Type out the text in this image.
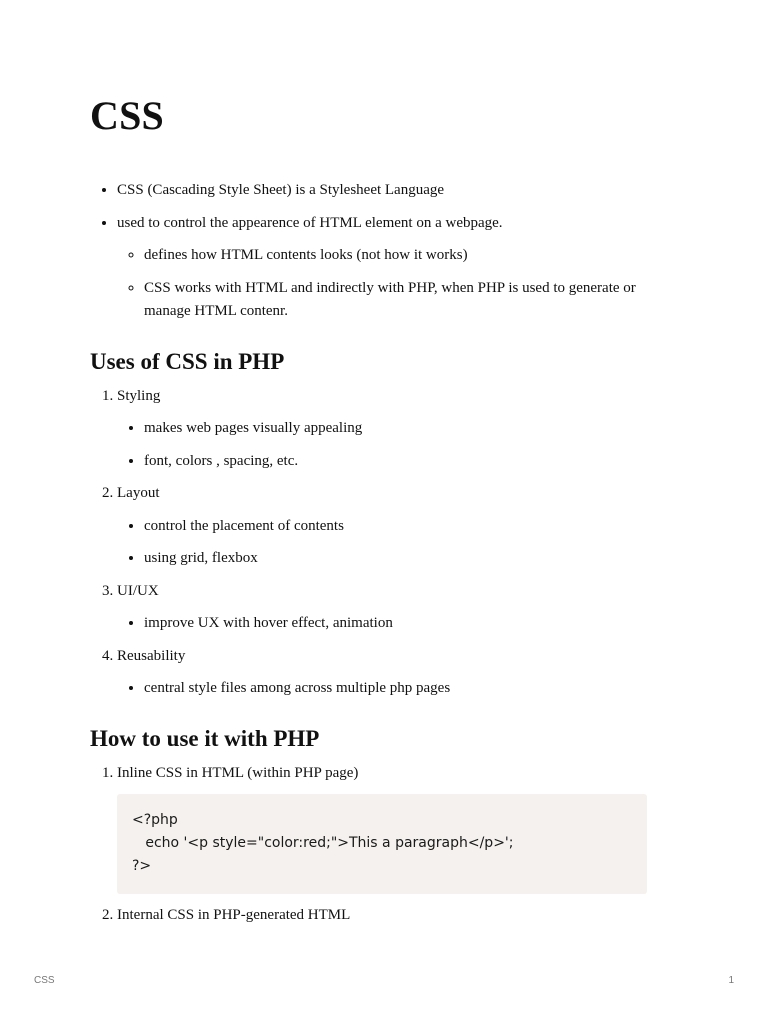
CSS
• CSS (Cascading Style Sheet) is a Stylesheet Language
• used to control the appearence of HTML element on a webpage.
◦ defines how HTML contents looks (not how it works)
◦ CSS works with HTML and indirectly with PHP, when PHP is used to generate or manage HTML contenr.
Uses of CSS in PHP
1. Styling
• makes web pages visually appealing
• font, colors , spacing, etc.
2. Layout
• control the placement of contents
• using grid, flexbox
3. UI/UX
• improve UX with hover effect, animation
4. Reusability
• central style files among across multiple php pages
How to use it with PHP
1. Inline CSS in HTML (within PHP page)
<?php
echo '<p style="color:red;">This a paragraph</p>';
?>
2. Internal CSS in PHP-generated HTML
CSS	1
